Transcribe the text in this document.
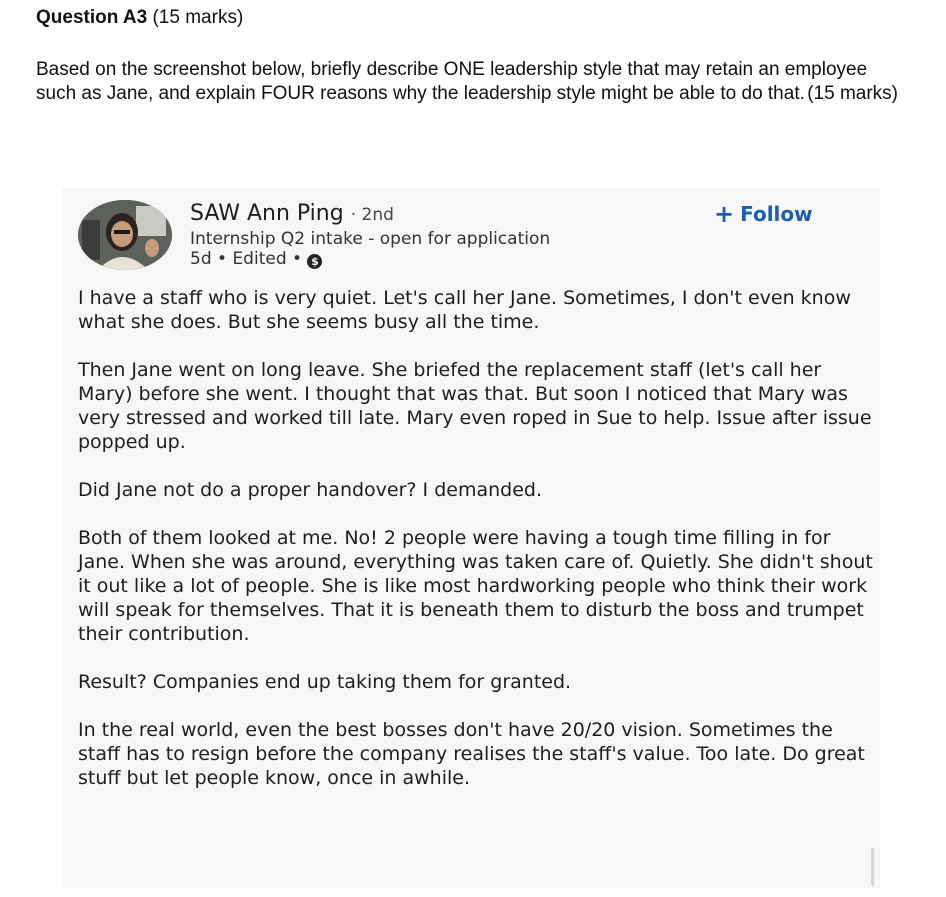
Question A3 (15 marks)
Based on the screenshot below, briefly describe ONE leadership style that may retain an employee such as Jane, and explain FOUR reasons why the leadership style might be able to do that. (15 marks)
SAW Ann Ping · 2nd
Internship Q2 intake - open for application
5d • Edited • $
+ Follow

I have a staff who is very quiet. Let's call her Jane. Sometimes, I don't even know what she does. But she seems busy all the time.

Then Jane went on long leave. She briefed the replacement staff (let's call her Mary) before she went. I thought that was that. But soon I noticed that Mary was very stressed and worked till late. Mary even roped in Sue to help. Issue after issue popped up.

Did Jane not do a proper handover? I demanded.

Both of them looked at me. No! 2 people were having a tough time filling in for Jane. When she was around, everything was taken care of. Quietly. She didn't shout it out like a lot of people. She is like most hardworking people who think their work will speak for themselves. That it is beneath them to disturb the boss and trumpet their contribution.

Result? Companies end up taking them for granted.

In the real world, even the best bosses don't have 20/20 vision. Sometimes the staff has to resign before the company realises the staff's value. Too late. Do great stuff but let people know, once in awhile.
